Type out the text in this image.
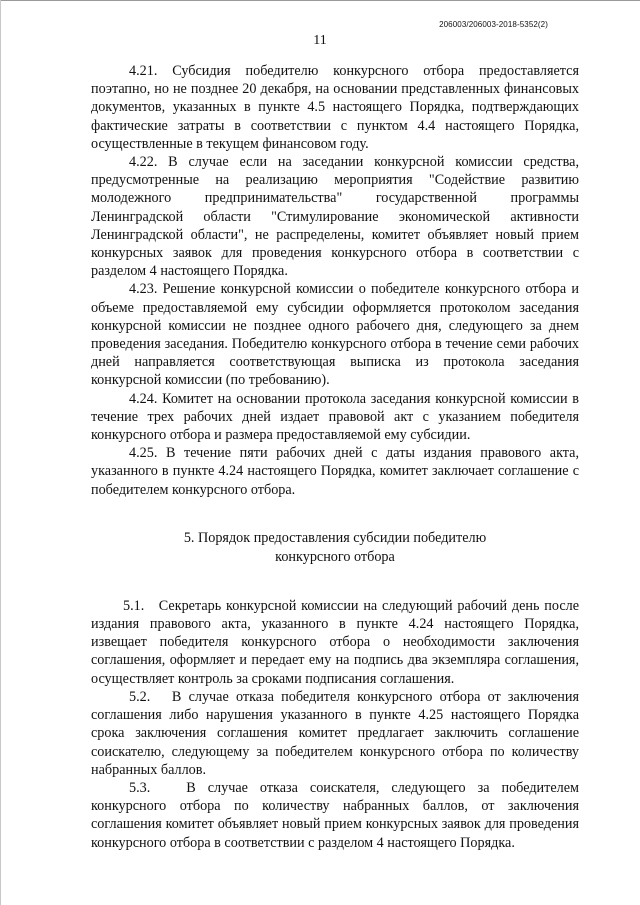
206003/206003-2018-5352(2)
11

4.21. Субсидия победителю конкурсного отбора предоставляется поэтапно, но не позднее 20 декабря, на основании представленных финансовых документов, указанных в пункте 4.5 настоящего Порядка, подтверждающих фактические затраты в соответствии с пунктом 4.4 настоящего Порядка, осуществленные в текущем финансовом году.

4.22. В случае если на заседании конкурсной комиссии средства, предусмотренные на реализацию мероприятия "Содействие развитию молодежного предпринимательства" государственной программы Ленинградской области "Стимулирование экономической активности Ленинградской области", не распределены, комитет объявляет новый прием конкурсных заявок для проведения конкурсного отбора в соответствии с разделом 4 настоящего Порядка.

4.23. Решение конкурсной комиссии о победителе конкурсного отбора и объеме предоставляемой ему субсидии оформляется протоколом заседания конкурсной комиссии не позднее одного рабочего дня, следующего за днем проведения заседания. Победителю конкурсного отбора в течение семи рабочих дней направляется соответствующая выписка из протокола заседания конкурсной комиссии (по требованию).

4.24. Комитет на основании протокола заседания конкурсной комиссии в течение трех рабочих дней издает правовой акт с указанием победителя конкурсного отбора и размера предоставляемой ему субсидии.

4.25. В течение пяти рабочих дней с даты издания правового акта, указанного в пункте 4.24 настоящего Порядка, комитет заключает соглашение с победителем конкурсного отбора.

5. Порядок предоставления субсидии победителю
конкурсного отбора

5.1.   Секретарь конкурсной комиссии на следующий рабочий день после издания правового акта, указанного в пункте 4.24 настоящего Порядка, извещает победителя конкурсного отбора о необходимости заключения соглашения, оформляет и передает ему на подпись два экземпляра соглашения, осуществляет контроль за сроками подписания соглашения.

5.2.   В случае отказа победителя конкурсного отбора от заключения соглашения либо нарушения указанного в пункте 4.25 настоящего Порядка срока заключения соглашения комитет предлагает заключить соглашение соискателю, следующему за победителем конкурсного отбора по количеству набранных баллов.

5.3.   В случае отказа соискателя, следующего за победителем конкурсного отбора по количеству набранных баллов, от заключения соглашения комитет объявляет новый прием конкурсных заявок для проведения конкурсного отбора в соответствии с разделом 4 настоящего Порядка.
